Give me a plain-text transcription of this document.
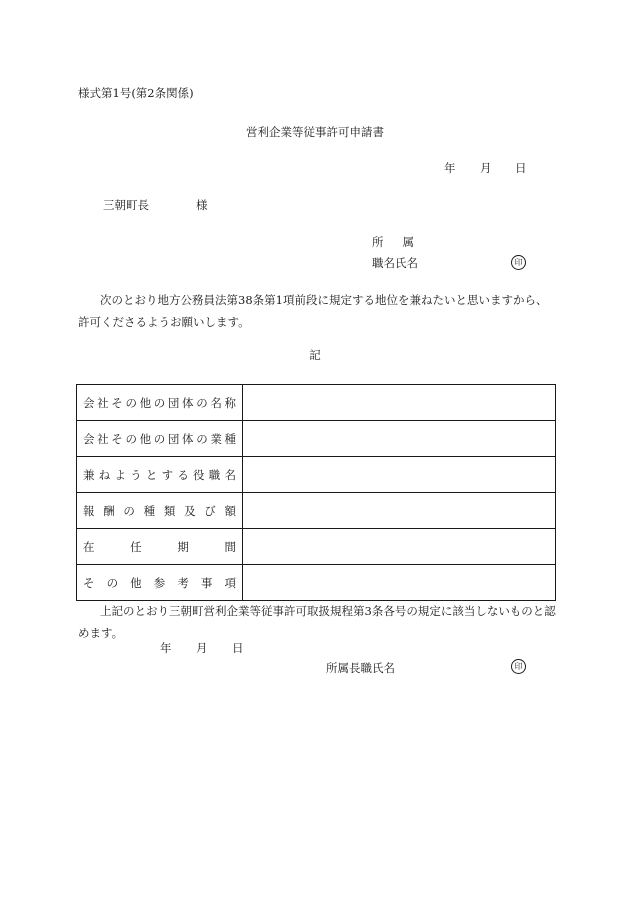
様式第1号(第2条関係)
営利企業等従事許可申請書
年 月 日
三朝町長	様
所属
職名氏名	印
次のとおり地方公務員法第38条第1項前段に規定する地位を兼ねたいと思いますから、許可くださるようお願いします。
記
会社その他の団体の名称	
会社その他の団体の業種	
兼ねようとする役職名	
報酬の種類及び額	
在任期間	
その他参考事項	
上記のとおり三朝町営利企業等従事許可取扱規程第3条各号の規定に該当しないものと認めます。
年 月 日
所属長職氏名	印
